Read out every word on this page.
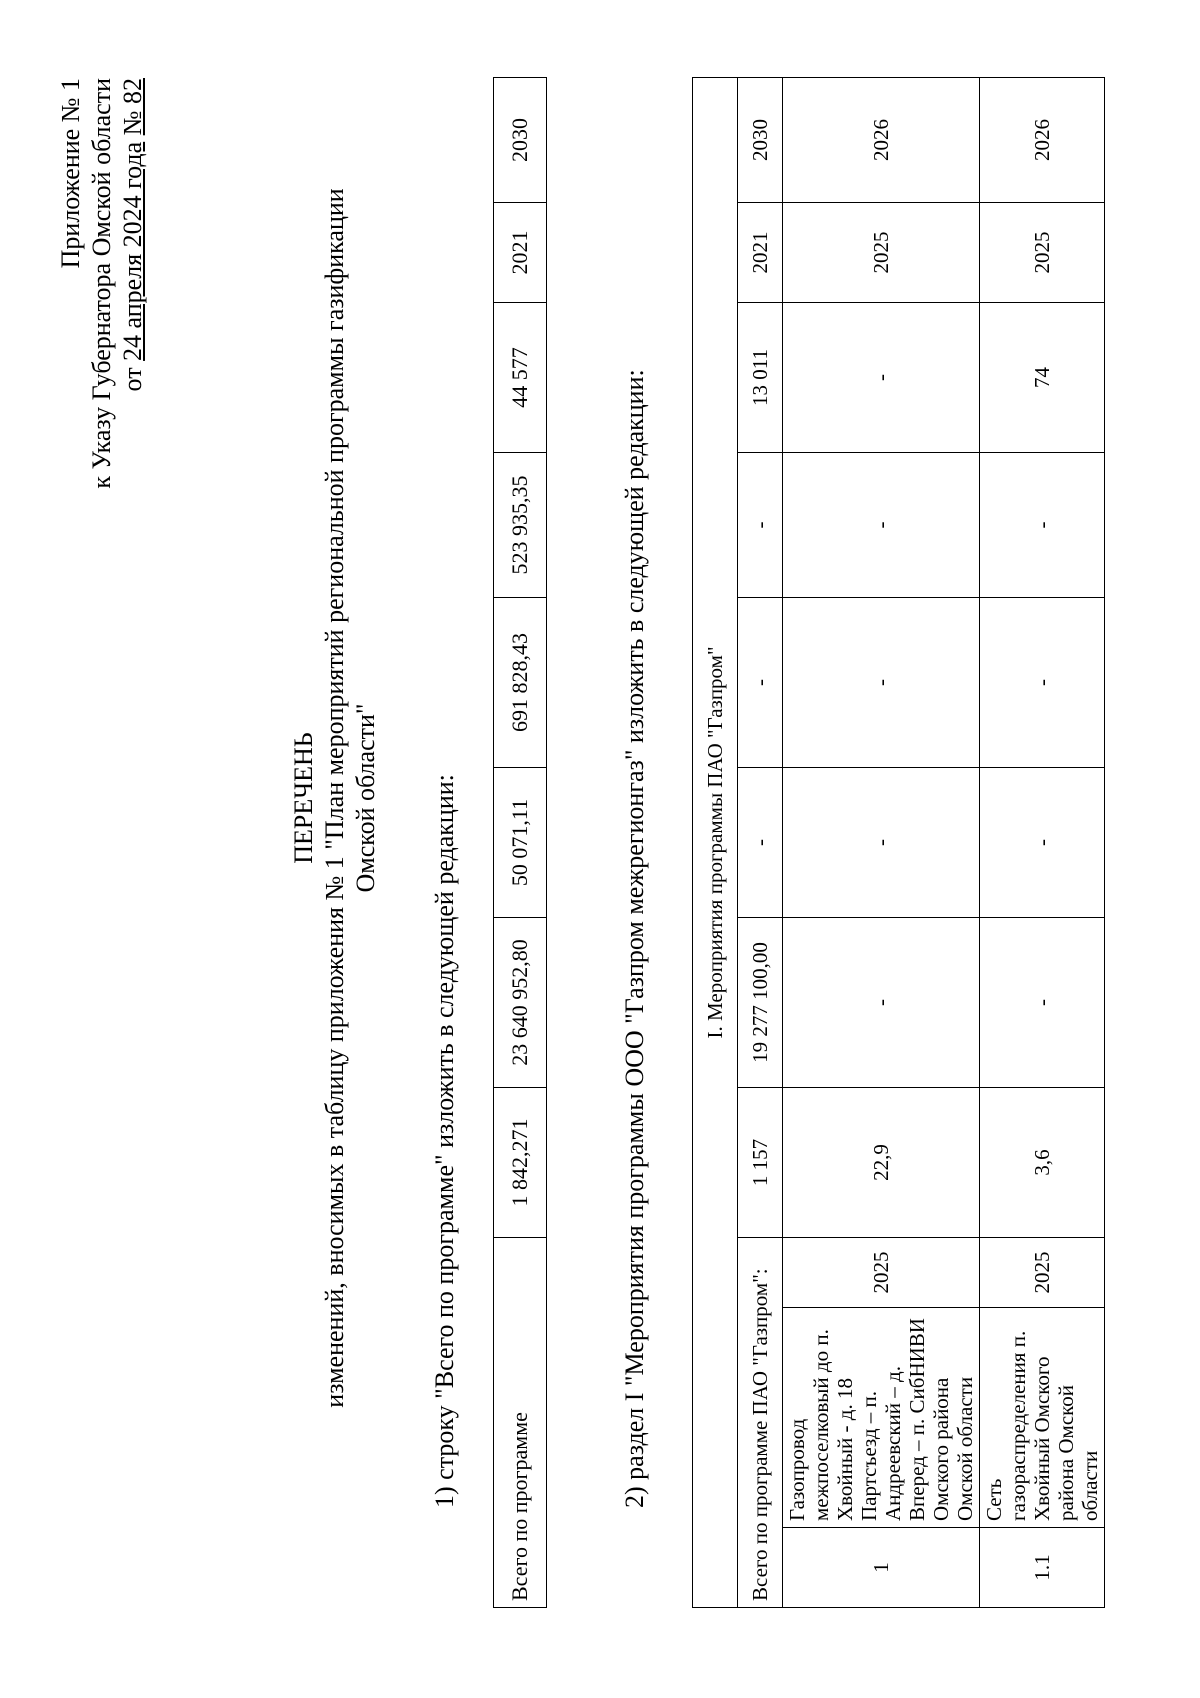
Приложение № 1 к Указу Губернатора Омской области от 24 апреля 2024 года № 82
ПЕРЕЧЕНЬ изменений, вносимых в таблицу приложения № 1 "План мероприятий региональной программы газификации Омской области" 1) строку "Всего по программе" изложить в следующей редакции: Всего по программе	1 842,271	23 640 952,80	50 071,11	691 828,43	523 935,35	44 577	2021	2030
2) раздел I "Мероприятия программы ООО "Газпром межрегионгаз" изложить в следующей редакции:	I. Мероприятия программы ПАО "Газпром"										
Всего по программе ПАО "Газпром":			1 157	19 277 100,00	-	-	-	13 011	2021	2030
1	Газопровод межпоселковый до п. Хвойный - д. 18 Партсъезд – п. Андреевский – д. Вперед – п. СибНИВИ Омского района Омской области	2025	22,9	-	-	-	-	-	2025	2026
1.1	Сеть газораспределения п. Хвойный Омского района Омской области	2025	3,6	-	-	-	-	74	2025	2026
